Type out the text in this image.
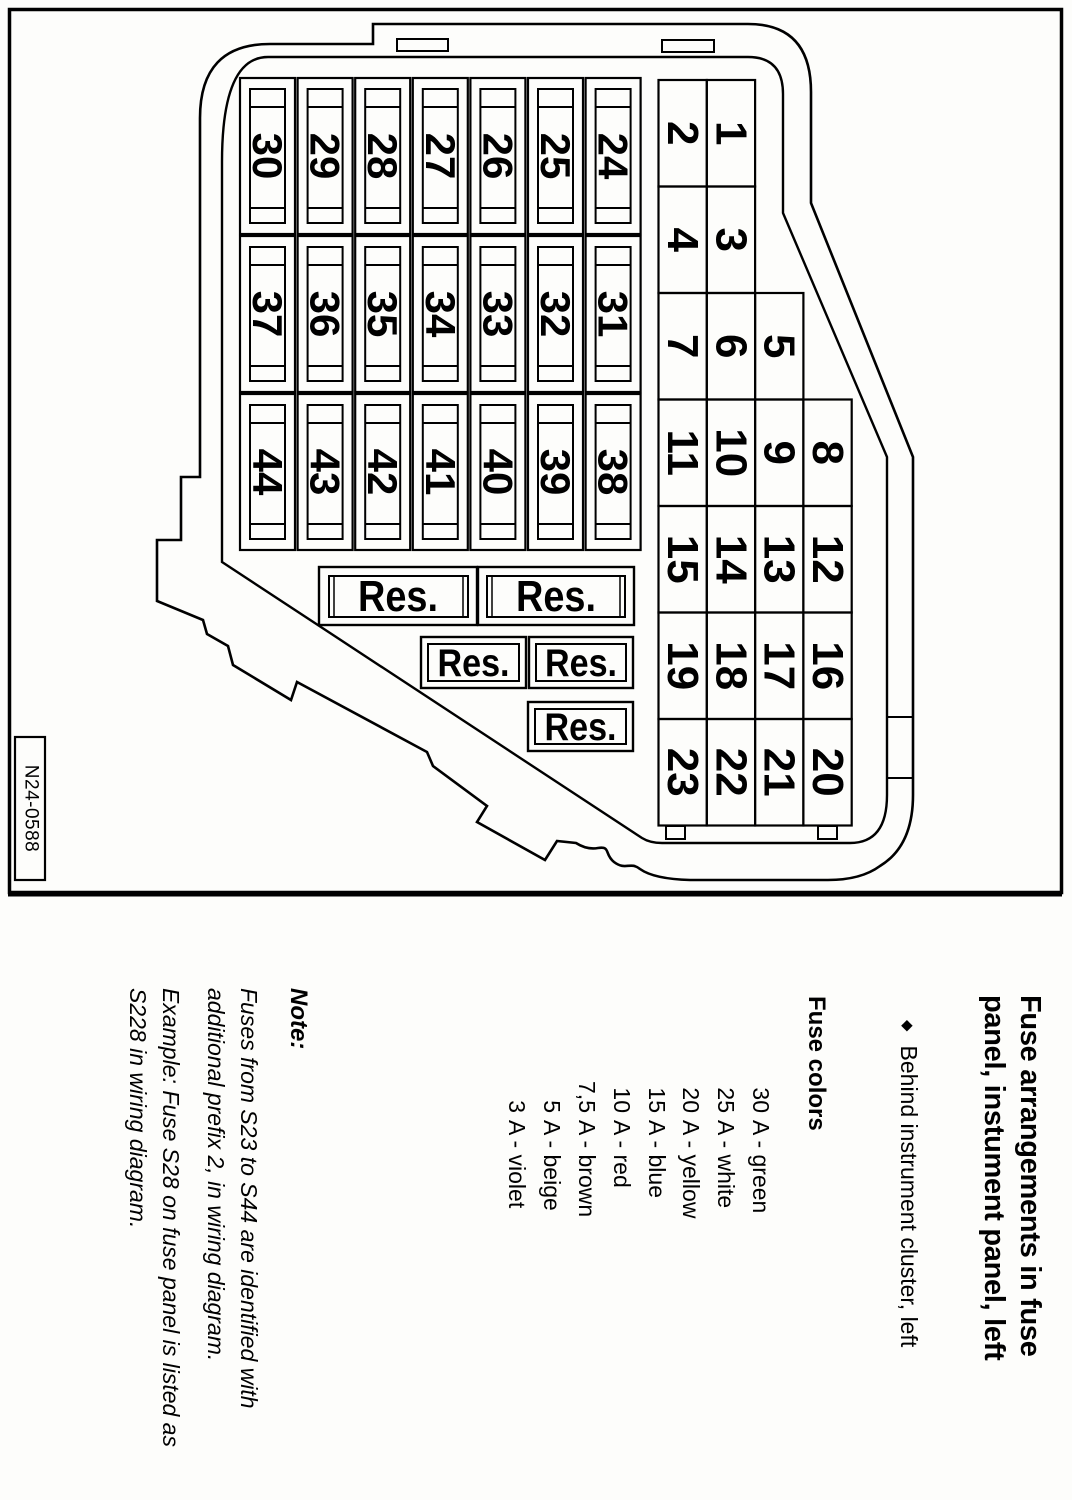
N24-0588
30 29 28 27 26 25 24
37 36 35 34 33 32 31
44 43 42 41 40 39 38
2 1
4 3
7 6 5
11 10 9 8
15 14 13 12
19 18 17 16
23 22 21 20
Res. Res.
Res. Res.
Res.
Fuse arrangements in fuse
panel, instument panel, left
◆Behind instrument cluster, left
Fuse colors
30A - green
25A - white
20A - yellow
15A - blue
10A - red
7,5A - brown
5A - beige
3A - violet
Note:
Fuses from S23 to S44 are identified with
additional prefix 2, in wiring diagram.
Example: Fuse S28 on fuse panel is listed as
S228 in wiring diagram.
